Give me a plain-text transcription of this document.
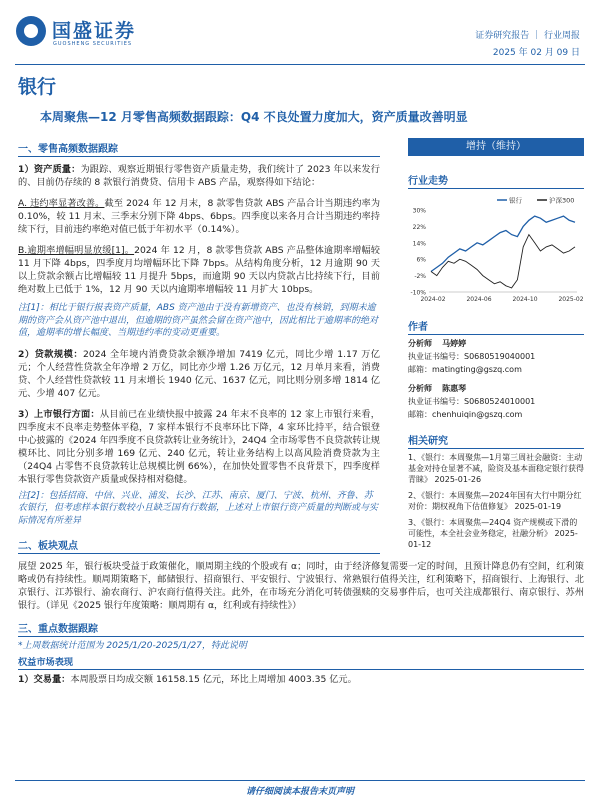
国盛证券
GUOSHENG SECURITIES
证券研究报告 ｜ 行业周报
2025 年 02 月 09 日
银行
本周聚焦—12 月零售高频数据跟踪：Q4 不良处置力度加大，资产质量改善明显
一、零售高频数据跟踪
1）资产质量：为跟踪、观察近期银行零售资产质量走势，我们统计了 2023 年以来发行的、目前仍存续的 8 款银行消费贷、信用卡 ABS 产品，观察得如下结论：
A. 违约率显著改善。截至 2024 年 12 月末，8 款零售贷款 ABS 产品合计当期违约率为 0.10%，较 11 月末、三季末分别下降 4bps、6bps。四季度以来各月合计当期违约率持续下行，目前违约率绝对值已低于年初水平（0.14%）。
B.逾期率增幅明显放缓[1]。2024 年 12 月，8 款零售贷款 ABS 产品整体逾期率增幅较 11 月下降 4bps，四季度月均增幅环比下降 7bps。从结构角度分析，12 月逾期 90 天以上贷款余额占比增幅较 11 月提升 5bps，而逾期 90 天以内贷款占比持续下行，目前绝对数上已低于 1%，12 月 90 天以内逾期率增幅较 11 月扩大 10bps。
注[1]：相比于银行报表资产质量，ABS 资产池由于没有新增资产、也没有核销，到期未逾期的资产会从资产池中退出，但逾期的资产虽然会留在资产池中，因此相比于逾期率的绝对值，逾期率的增长幅度、当期违约率的变动更重要。
2）贷款规模：2024 全年境内消费贷款余额净增加 7419 亿元，同比少增 1.17 万亿元；个人经营性贷款全年净增 2 万亿，同比亦少增 1.26 万亿元，12 月单月来看，消费贷、个人经营性贷款较 11 月末增长 1940 亿元、1637 亿元，同比则分别多增 1814 亿元、少增 407 亿元。
3）上市银行方面：从目前已在业绩快报中披露 24 年末不良率的 12 家上市银行来看，四季度末不良率走势整体平稳，7 家样本银行不良率环比下降，4 家环比持平，结合银登中心披露的《2024 年四季度不良贷款转让业务统计》，24Q4 全市场零售不良贷款转让规模环比、同比分别多增 169 亿元、240 亿元，转让业务结构上以高风险消费贷款为主（24Q4 占零售不良贷款转让总规模比例 66%），在加快处置零售不良背景下，四季度样本银行零售贷款资产质量或保持相对稳健。
注[2]：包括招商、中信、兴业、浦发、长沙、江苏、南京、厦门、宁波、杭州、齐鲁、苏农银行，但考虑样本银行数较小且缺乏国有行数据，上述对上市银行资产质量的判断或与实际情况有所差异
二、板块观点
展望 2025 年，银行板块受益于政策催化，顺周期主线的个股或有 α；同时，由于经济修复需要一定的时间，且预计降息仍有空间，红利策略或仍有持续性。顺周期策略下，邮储银行、招商银行、平安银行、宁波银行、常熟银行值得关注，红利策略下，招商银行、上海银行、北京银行、江苏银行、渝农商行、沪农商行值得关注。此外，在市场充分消化可转债强赎的交易事件后，也可关注成都银行、南京银行、苏州银行。（详见《2025 银行年度策略：顺周期有 α，红利或有持续性》）
三、重点数据跟踪
*上周数据统计范围为 2025/1/20-2025/1/27，特此说明
权益市场表现
1）交易量：本周股票日均成交额 16158.15 亿元，环比上周增加 4003.35 亿元。
增持（维持）
行业走势
30%
22%
14%
6%
-2%
-10%
2024-02	2024-06	2024-10	2025-02
银行	沪深300
作者
分析师 马婷婷
执业证书编号：S0680519040001
邮箱：matingting@gszq.com
分析师 陈惠琴
执业证书编号：S0680524010001
邮箱：chenhuiqin@gszq.com
相关研究
1、《银行：本周聚焦—1月第三周社会融资：主动基金对持仓显著不减，险资及基本面稳定银行获得青睐》 2025-01-26
2、《银行：本周聚焦—2024年国有大行中期分红对价：期权视角下估值修复》 2025-01-19
3、《银行：本周聚焦—24Q4 资产规模或下滑的可能性，本全社会业务稳定，社融分析》 2025-01-12
请仔细阅读本报告末页声明
